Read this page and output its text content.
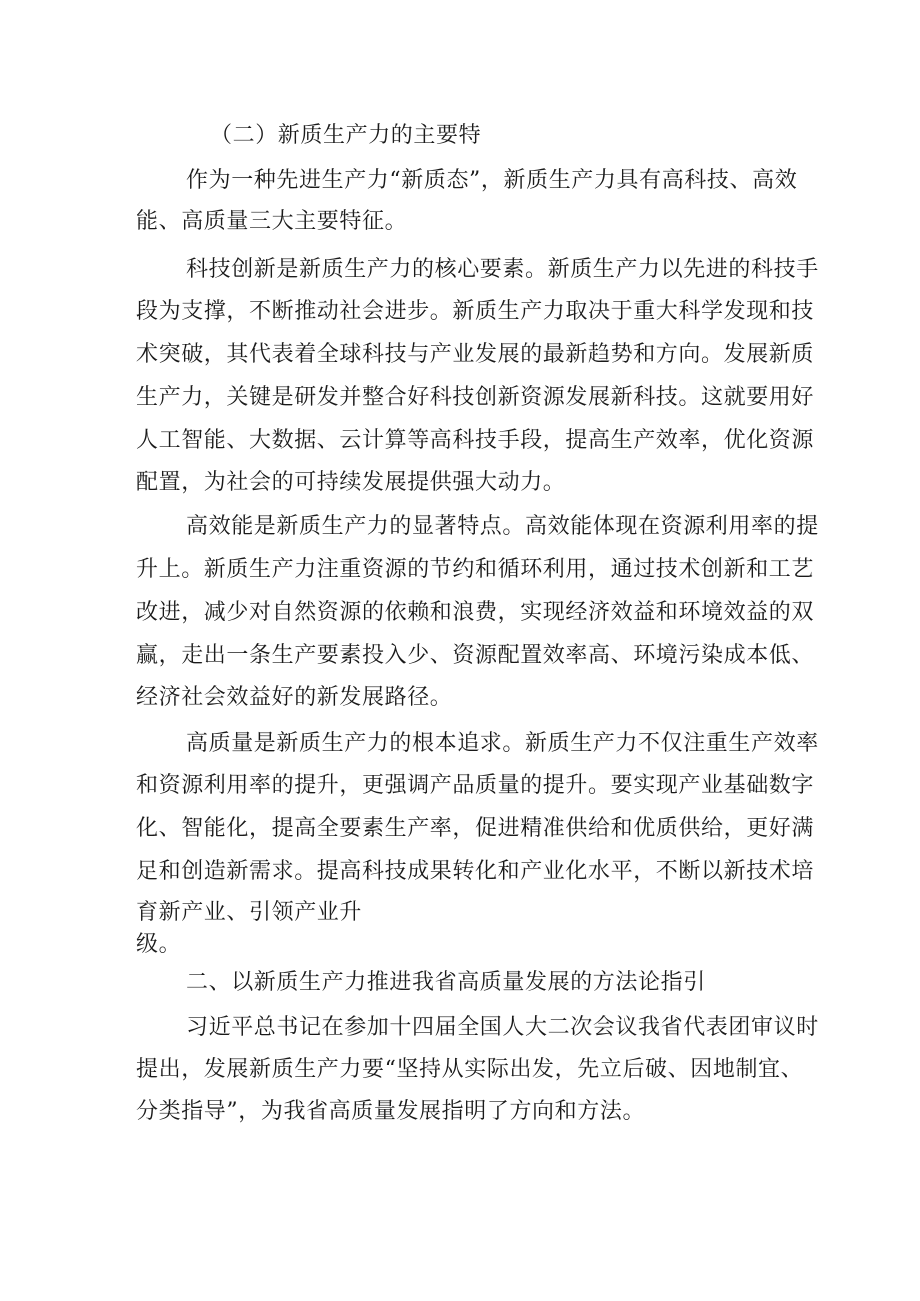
（二）新质生产力的主要特
作为一种先进生产力“新质态”，新质生产力具有高科技、高效
能、高质量三大主要特征。
科技创新是新质生产力的核心要素。新质生产力以先进的科技手
段为支撑，不断推动社会进步。新质生产力取决于重大科学发现和技
术突破，其代表着全球科技与产业发展的最新趋势和方向。发展新质
生产力，关键是研发并整合好科技创新资源发展新科技。这就要用好
人工智能、大数据、云计算等高科技手段，提高生产效率，优化资源
配置，为社会的可持续发展提供强大动力。
高效能是新质生产力的显著特点。高效能体现在资源利用率的提
升上。新质生产力注重资源的节约和循环利用，通过技术创新和工艺
改进，减少对自然资源的依赖和浪费，实现经济效益和环境效益的双
赢，走出一条生产要素投入少、资源配置效率高、环境污染成本低、
经济社会效益好的新发展路径。
高质量是新质生产力的根本追求。新质生产力不仅注重生产效率
和资源利用率的提升，更强调产品质量的提升。要实现产业基础数字
化、智能化，提高全要素生产率，促进精准供给和优质供给，更好满
足和创造新需求。提高科技成果转化和产业化水平，不断以新技术培
育新产业、引领产业升
级。
二、以新质生产力推进我省高质量发展的方法论指引
习近平总书记在参加十四届全国人大二次会议我省代表团审议时
提出，发展新质生产力要“坚持从实际出发，先立后破、因地制宜、
分类指导”，为我省高质量发展指明了方向和方法。
